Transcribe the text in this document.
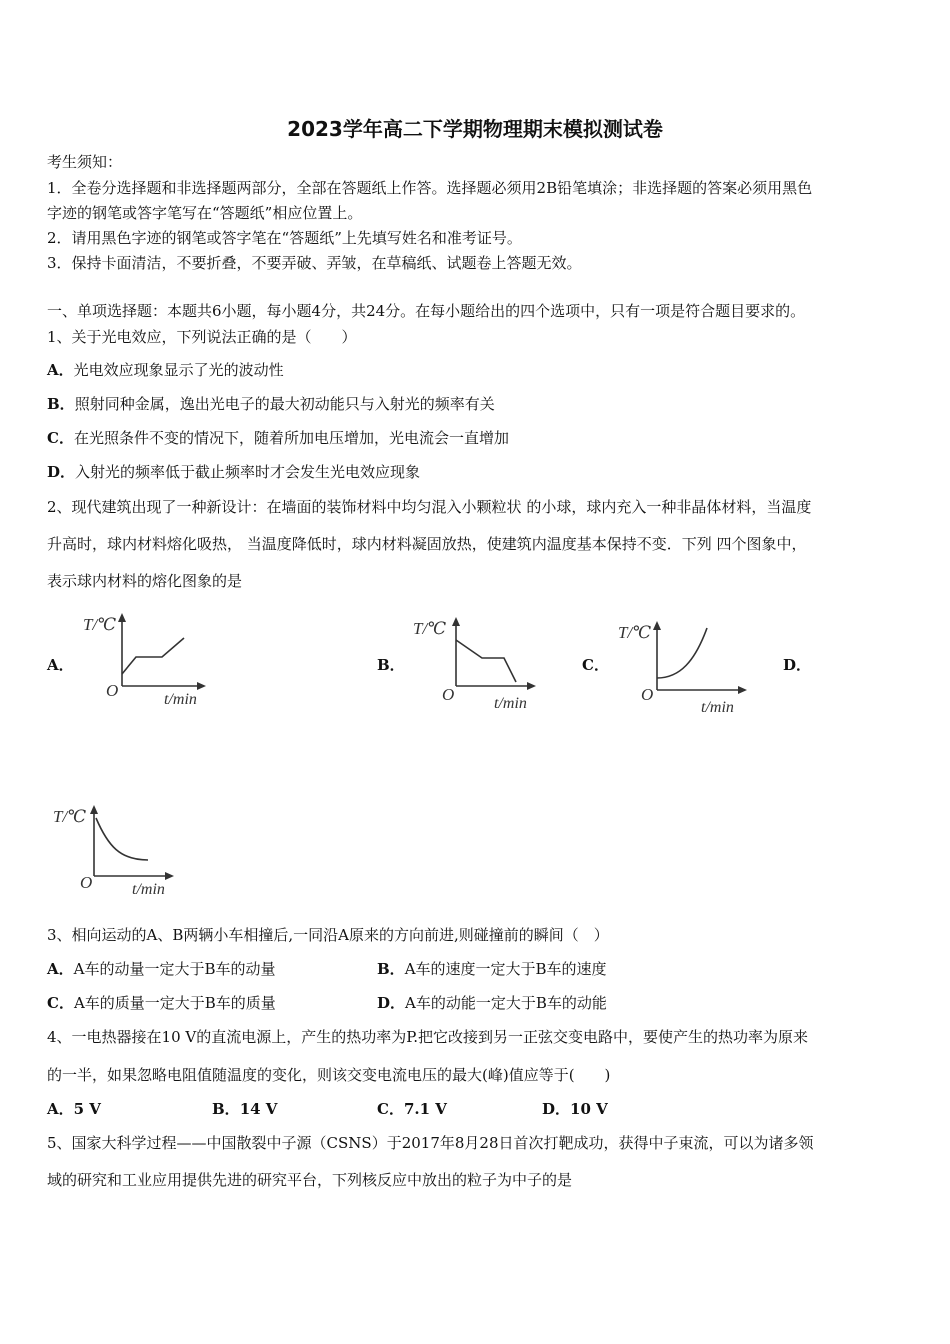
2023学年高二下学期物理期末模拟测试卷
考生须知：
1．全卷分选择题和非选择题两部分，全部在答题纸上作答。选择题必须用2B铅笔填涂；非选择题的答案必须用黑色
字迹的钢笔或答字笔写在“答题纸”相应位置上。
2．请用黑色字迹的钢笔或答字笔在“答题纸”上先填写姓名和准考证号。
3．保持卡面清洁，不要折叠，不要弄破、弄皱，在草稿纸、试题卷上答题无效。
一、单项选择题：本题共6小题，每小题4分，共24分。在每小题给出的四个选项中，只有一项是符合题目要求的。
1、关于光电效应，下列说法正确的是（　　）
A．光电效应现象显示了光的波动性
B．照射同种金属，逸出光电子的最大初动能只与入射光的频率有关
C．在光照条件不变的情况下，随着所加电压增加，光电流会一直增加
D．入射光的频率低于截止频率时才会发生光电效应现象
2、现代建筑出现了一种新设计：在墙面的装饰材料中均匀混入小颗粒状 的小球，球内充入一种非晶体材料，当温度
升高时，球内材料熔化吸热， 当温度降低时，球内材料凝固放热，使建筑内温度基本保持不变．下列 四个图象中，
表示球内材料的熔化图象的是
A．	B．	C．	D．
T/℃
O	t/min
T/℃
O t/min
T/℃
O
t/min
T/℃
O t/min
3、相向运动的A、B两辆小车相撞后,一同沿A原来的方向前进,则碰撞前的瞬间（　）
A．A车的动量一定大于B车的动量	B．A车的速度一定大于B车的速度
C．A车的质量一定大于B车的质量	D．A车的动能一定大于B车的动能
4、一电热器接在10 V的直流电源上，产生的热功率为P.把它改接到另一正弦交变电路中，要使产生的热功率为原来
的一半，如果忽略电阻值随温度的变化，则该交变电流电压的最大(峰)值应等于(　　)
A．5 V	B．14 V	C．7.1 V	D．10 V
5、国家大科学过程——中国散裂中子源（CSNS）于2017年8月28日首次打靶成功，获得中子束流，可以为诸多领
域的研究和工业应用提供先进的研究平台，下列核反应中放出的粒子为中子的是
